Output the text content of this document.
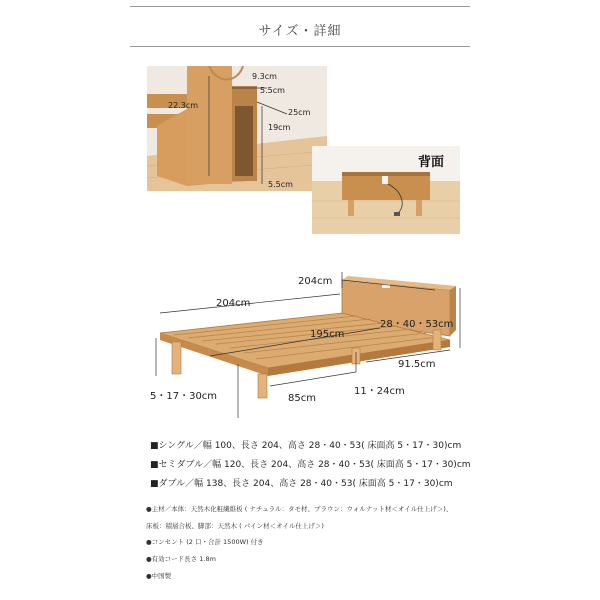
サイズ・詳細
9.3cm
5.5cm
22.3cm
25cm
19cm
5.5cm
背面
204cm
204cm
195cm
28・40・53cm
91.5cm
5・17・30cm	11・24cm
85cm
■シングル／幅 100、長さ 204、高さ 28・40・53( 床面高 5・17・30)cm
■セミダブル／幅 120、長さ 204、高さ 28・40・53( 床面高 5・17・30)cm
■ダブル／幅 138、長さ 204、高さ 28・40・53( 床面高 5・17・30)cm
●主材／本体：天然木化粧繊維板 ( ナチュラル：タモ材、ブラウン：ウォルナット材＜オイル仕上げ＞)、
床板：積層合板、脚部：天然木 ( パイン材＜オイル仕上げ＞)
●コンセント (2 口・合計 1500W) 付き
●有効コード長さ 1.8m
●中国製
